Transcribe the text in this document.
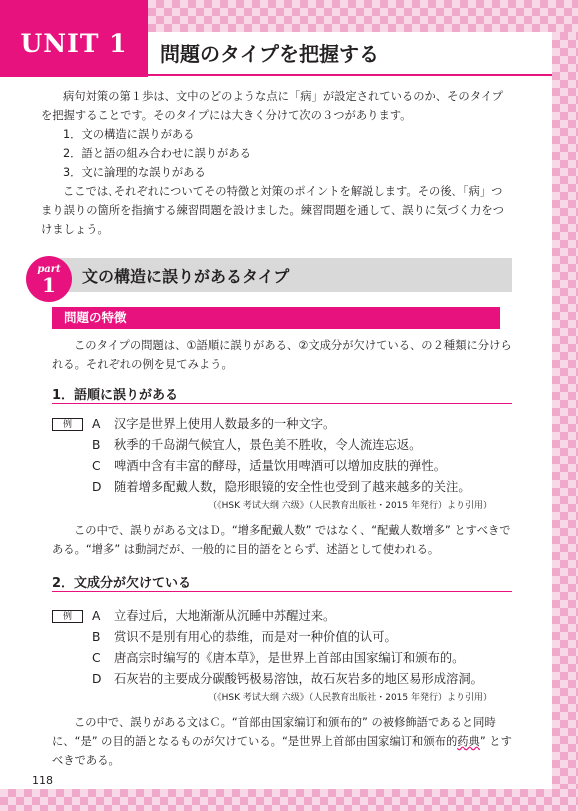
UNIT 1 問題のタイプを把握する
病句対策の第１歩は、文中のどのような点に「病」が設定されているのか、そのタイプを把握することです。そのタイプには大きく分けて次の３つがあります。
1．文の構造に誤りがある
2．語と語の組み合わせに誤りがある
3．文に論理的な誤りがある
ここでは､それぞれについてその特徴と対策のポイントを解説します。その後､「病」つまり誤りの箇所を指摘する練習問題を設けました。練習問題を通して、誤りに気づく力をつけましょう。
part
1	文の構造に誤りがあるタイプ
問題の特徴
このタイプの問題は、①語順に誤りがある、②文成分が欠けている、の２種類に分けられる。それぞれの例を見てみよう。
1．語順に誤りがある
例	A 汉字是世界上使用人数最多的一种文字。
B 秋季的千岛湖气候宜人，景色美不胜收，令人流连忘返。
C 啤酒中含有丰富的酵母，适量饮用啤酒可以增加皮肤的弹性。
D 随着增多配戴人数，隐形眼镜的安全性也受到了越来越多的关注。
（《HSK 考试大纲 六级》（人民教育出版社・2015 年発行）より引用）
この中で、誤りがある文はＤ。“增多配戴人数” ではなく、“配戴人数增多” とすべきである。“增多” は動詞だが、一般的に目的語をとらず、述語として使われる。
2．文成分が欠けている
例	A 立春过后，大地渐渐从沉睡中苏醒过来。
B 赏识不是別有用心的恭维，而是对一种价值的认可。
C 唐高宗时编写的《唐本草》，是世界上首部由国家编订和颁布的。
D 石灰岩的主要成分碳酸钙极易溶蚀，故石灰岩多的地区易形成溶洞。
（《HSK 考试大纲 六级》（人民教育出版社・2015 年発行）より引用）
この中で、誤りがある文はＣ。“首部由国家编订和颁布的” の被修飾語であると同時に、“是” の目的語となるものが欠けている。“是世界上首部由国家编订和颁布的药典” とすべきである。
118
